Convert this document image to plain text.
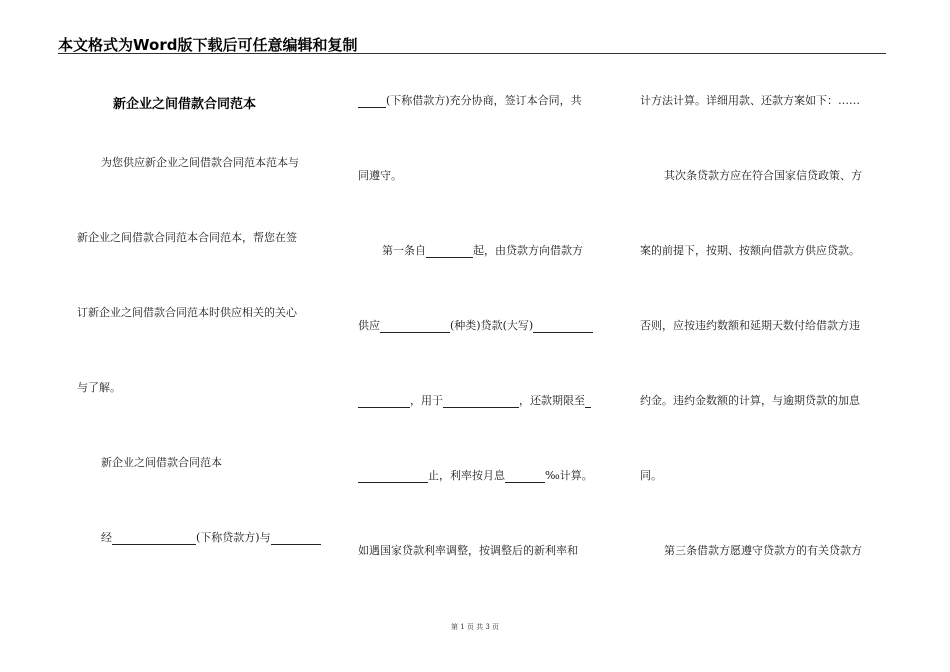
本文格式为Word版下载后可任意编辑和复制
新企业之间借款合同范本
为您供应新企业之间借款合同范本范本与
新企业之间借款合同范本合同范本，帮您在签
订新企业之间借款合同范本时供应相关的关心
与了解。
新企业之间借款合同范本
经	(下称贷款方)与
(下称借款方)充分协商，签订本合同，共
同遵守。
第一条自	起，由贷款方向借款方
供应	(种类)贷款(大写)
，用于	，还款期限至
止，利率按月息	‰计算。
如遇国家贷款利率调整，按调整后的新利率和
计方法计算。详细用款、还款方案如下：……
其次条贷款方应在符合国家信贷政策、方
案的前提下，按期、按额向借款方供应贷款。
否则，应按违约数额和延期天数付给借款方违
约金。违约金数额的计算，与逾期贷款的加息
同。
第三条借款方愿遵守贷款方的有关贷款方
第 1 页 共 3 页
